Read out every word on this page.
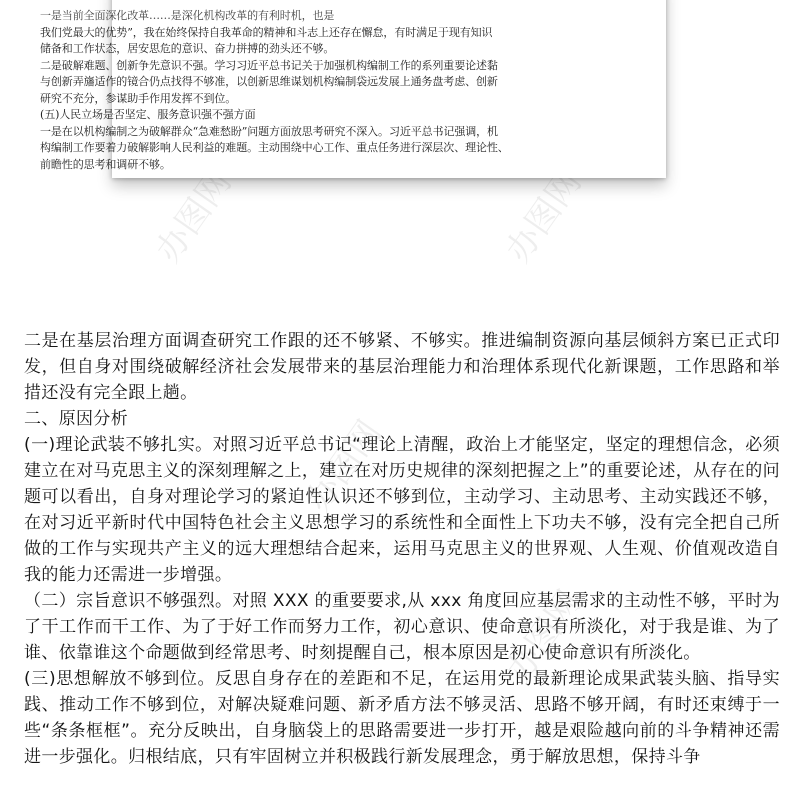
办图网	办图网
办图网
办图网
一是当前全面深化改革……是深化机构改革的有利时机，也是
我们党最大的优势”，我在始终保持自我革命的精神和斗志上还存在懈怠，有时满足于现有知识
储备和工作状态，居安思危的意识、奋力拼搏的劲头还不够。
二是破解难题、创新争先意识不强。学习习近平总书记关于加强机构编制工作的系列重要论述黏
与创新弄旛适作的镜合仍点找得不够准，以创新思维谋划机构编制袋远发展上通务盘考虑、创新
研究不充分，参谋助手作用发挥不到位。
(五)人民立场是否坚定、服务意识强不强方面
一是在以机构编制之为破解群众“急难愁盼”问题方面放思考研究不深入。习近平总书记强调，机
构编制工作要着力破解影响人民利益的难题。主动围绕中心工作、重点任务进行深层次、理论性、
前瞻性的思考和调研不够。

二是在基层治理方面调查研究工作跟的还不够紧、不够实。推进编制资源向基层倾斜方案已正式印发，但自身对围绕破解经济社会发展带来的基层治理能力和治理体系现代化新课题，工作思路和举措还没有完全跟上趟。

二、原因分析

(一)理论武装不够扎实。对照习近平总书记“理论上清醒，政治上才能坚定，坚定的理想信念，必须建立在对马克思主义的深刻理解之上，建立在对历史规律的深刻把握之上”的重要论述，从存在的问题可以看出，自身对理论学习的紧迫性认识还不够到位，主动学习、主动思考、主动实践还不够，在对习近平新时代中国特色社会主义思想学习的系统性和全面性上下功夫不够，没有完全把自己所做的工作与实现共产主义的远大理想结合起来，运用马克思主义的世界观、人生观、价值观改造自我的能力还需进一步增强。

（二）宗旨意识不够强烈。对照 XXX 的重要要求,从 xxx 角度回应基层需求的主动性不够，平时为了干工作而干工作、为了于好工作而努力工作，初心意识、使命意识有所淡化，对于我是谁、为了谁、依靠谁这个命题做到经常思考、时刻提醒自己，根本原因是初心使命意识有所淡化。

(三)思想解放不够到位。反思自身存在的差距和不足，在运用党的最新理论成果武装头脑、指导实践、推动工作不够到位，对解决疑难问题、新矛盾方法不够灵活、思路不够开阔，有时还束缚于一些“条条框框”。充分反映出，自身脑袋上的思路需要进一步打开，越是艰险越向前的斗争精神还需进一步强化。归根结底，只有牢固树立并积极践行新发展理念，勇于解放思想，保持斗争
